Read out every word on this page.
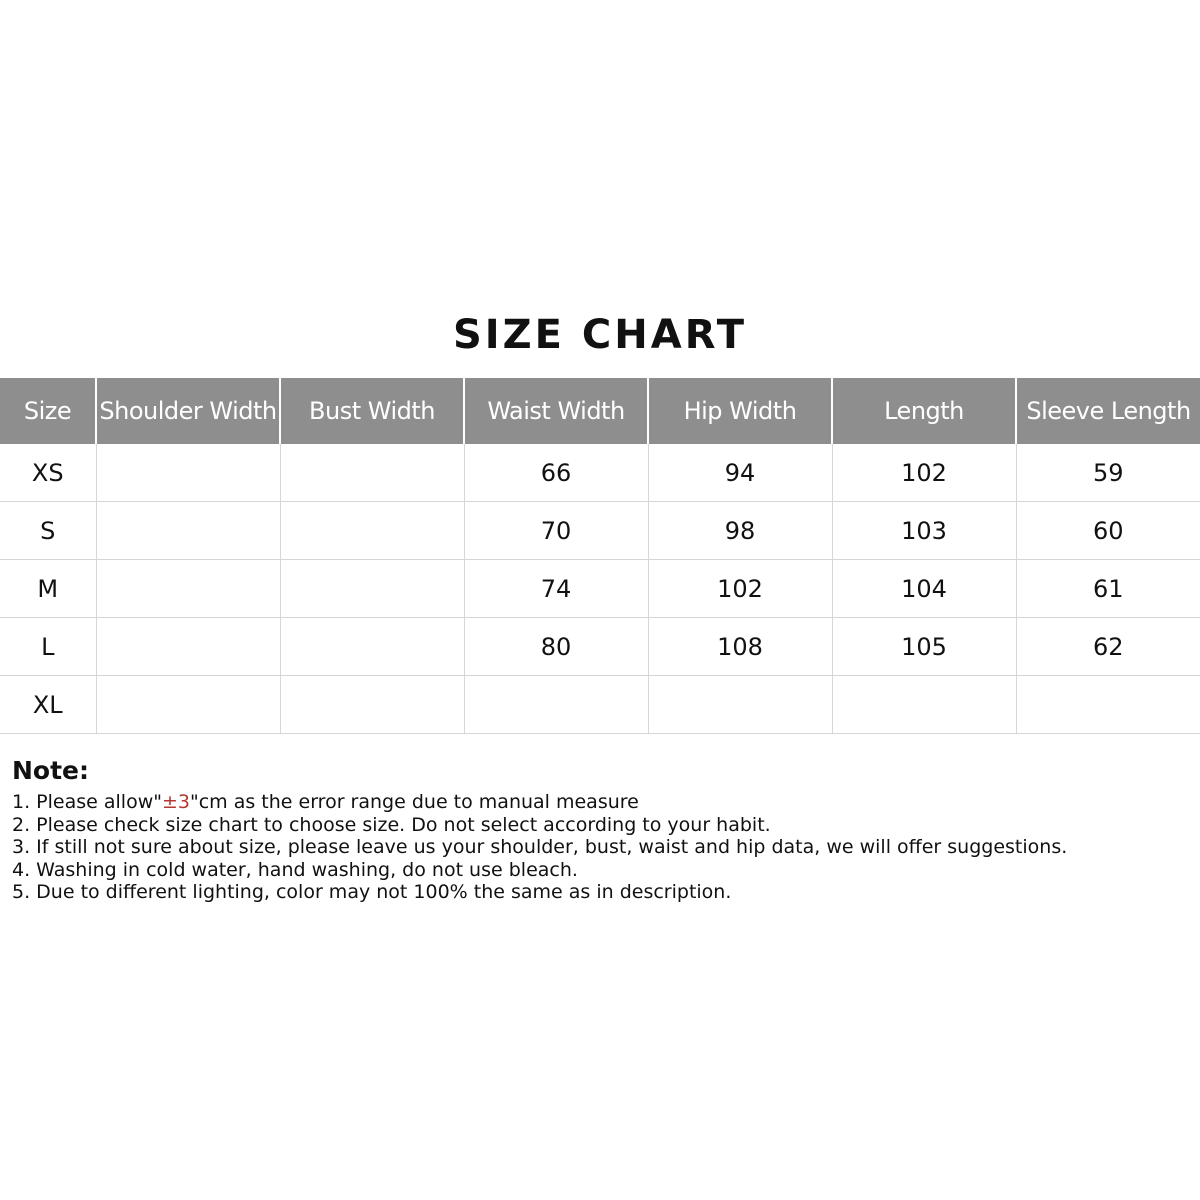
SIZE CHART
Size	Shoulder Width	Bust Width	Waist Width	Hip Width	Length	Sleeve Length
XS			66	94	102	59
S			70	98	103	60
M			74	102	104	61
L			80	108	105	62
XL						
Note:
1. Please allow"±3"cm as the error range due to manual measure
2. Please check size chart to choose size. Do not select according to your habit.
3. If still not sure about size, please leave us your shoulder, bust, waist and hip data, we will offer suggestions.
4. Washing in cold water, hand washing, do not use bleach.
5. Due to different lighting, color may not 100% the same as in description.
